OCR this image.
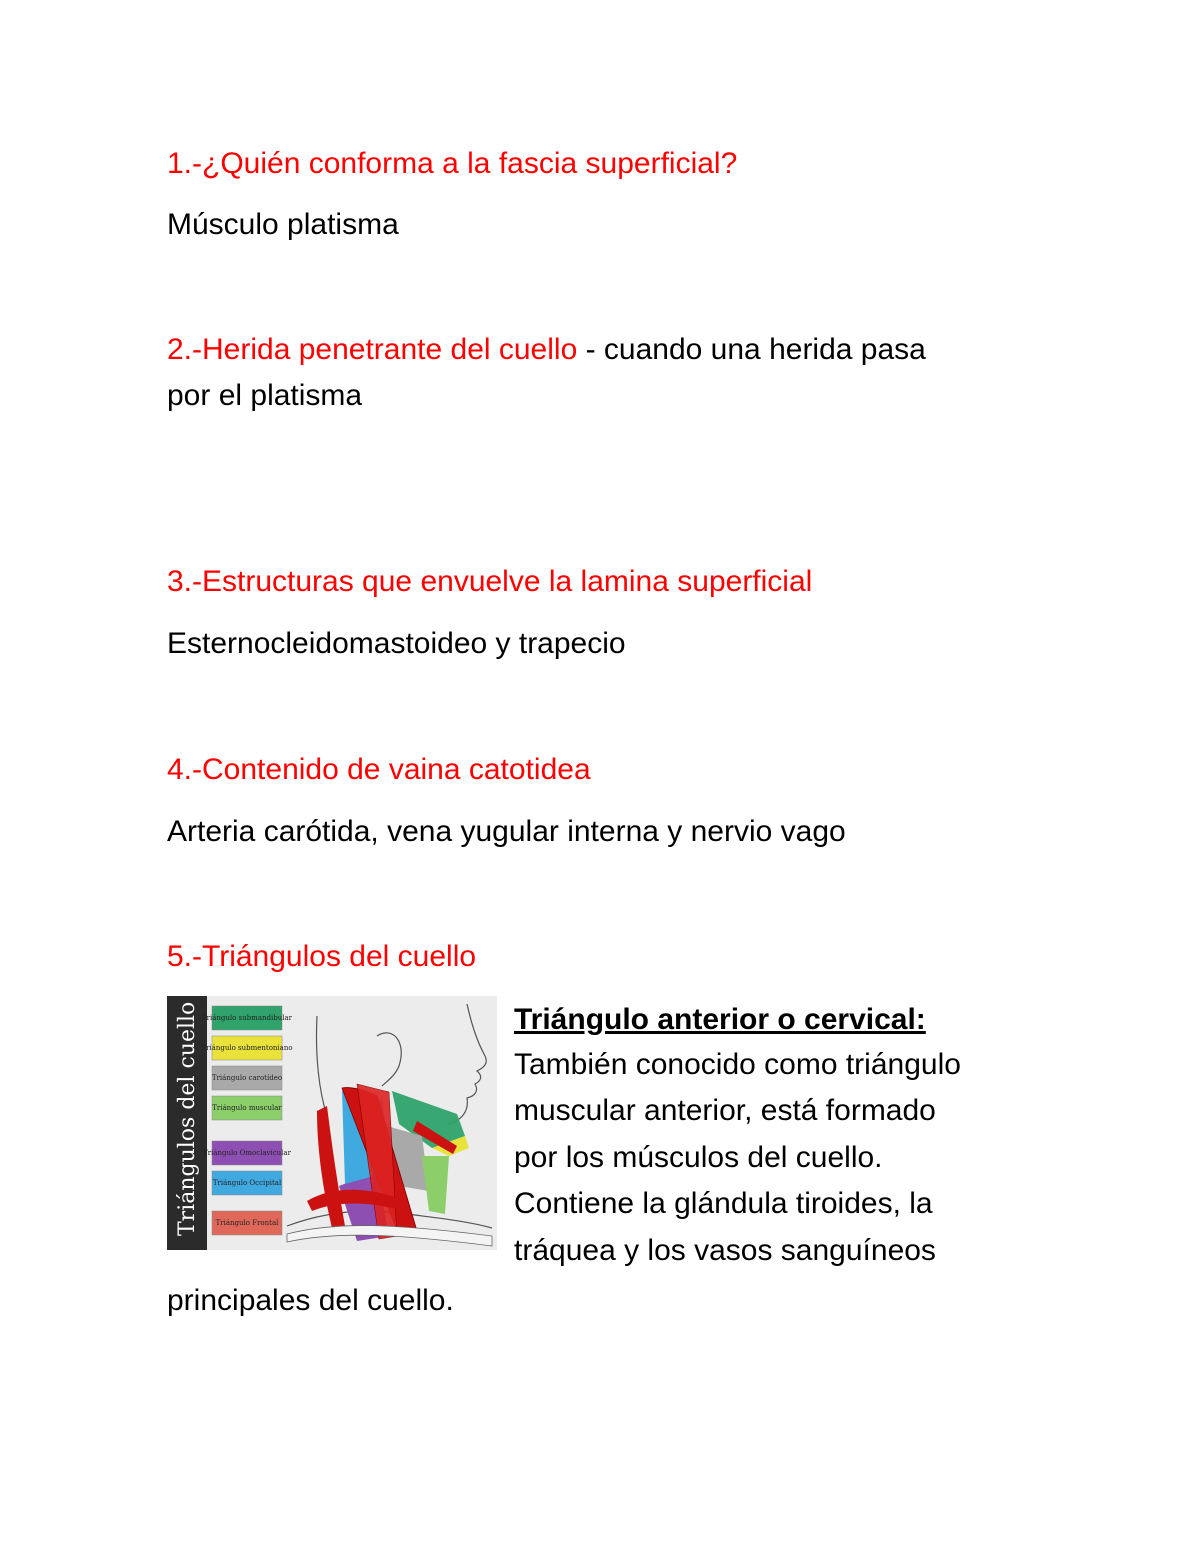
1.-¿Quién conforma a la fascia superficial?

Músculo platisma

2.-Herida penetrante del cuello - cuando una herida pasa

por el platisma

3.-Estructuras que envuelve la lamina superficial

Esternocleidomastoideo y trapecio

4.-Contenido de vaina catotidea

Arteria carótida, vena yugular interna y nervio vago

5.-Triángulos del cuello

Triángulos del cuello Triángulo submandibular
Triángulo submentoniano
Triángulo carotídeo
Triángulo muscular
Triángulo Omoclavicular
Triángulo Occipital
Triángulo Frontal
Triángulo anterior o cervical:

También conocido como triángulo

muscular anterior, está formado

por los músculos del cuello.

Contiene la glándula tiroides, la

tráquea y los vasos sanguíneos

principales del cuello.
